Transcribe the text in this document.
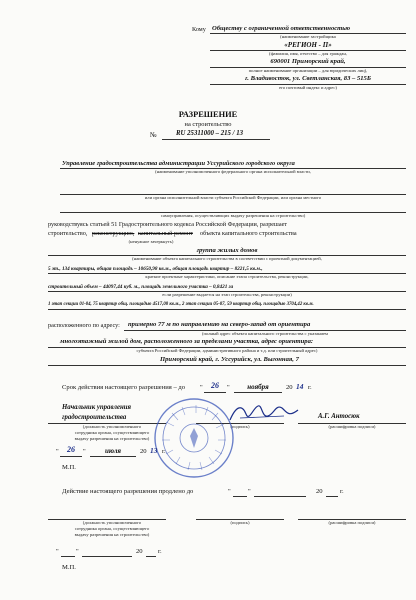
Кому Обществу с ограниченной ответственностью
(наименование застройщика
«РЕГИОН - П»
(фамилия, имя, отчество – для граждан,
690001 Приморский край,
полное наименование организации – для юридических лиц),
г. Владивосток, ул. Светланская, 83 – 515Б
его почтовый индекс и адрес)
РАЗРЕШЕНИЕ
на строительство
№	RU 25311000 – 215 / 13
Управление градостроительства администрации Уссурийского городского округа
(наименование уполномоченного федерального органа исполнительной власти,
или органа исполнительной власти субъекта Российской Федерации, или органа местного
самоуправления, осуществляющих выдачу разрешения на строительство)
руководствуясь статьей 51 Градостроительного кодекса Российской Федерации, разрешает
строительство, реконструкцию, капитальный ремонт объекта капитального строительства
(ненужное зачеркнуть)
группа жилых домов
(наименование объекта капитального строительства в соответствии с проектной документацией,
5 эт., 134 квартиры, общая площадь – 10650,98 кв.м., общая площадь квартир – 8221,5 кв.м.,
краткие проектные характеристики, описание этапа строительства, реконструкции,
строительный объем – 44097,44 куб. м., площадь земельного участка – 0,8421 га
если разрешение выдается на этап строительства, реконструкции)
1 этап секции 01-04, 75 квартир общ. площадью 4517,08 кв.м., 2 этап секции 05-07, 59 квартир общ. площадью 3704,42 кв.м.
расположенного по адресу: примерно 77 м по направлению на северо-запад от ориентира
(полный адрес объекта капитального строительства с указанием
многоэтажный жилой дом, расположенного за пределами участка, адрес ориентира:
субъекта Российской Федерации, административного района и т.д. или строительный адрес)
Приморский край, г. Уссурийск, ул. Выгонная, 7
Срок действия настоящего разрешения – до "	26	"	ноября	20 14 г.
Начальник управления
градостроительства	А.Г. Антосюк
(должность уполномоченного
сотрудника органа, осуществляющего
выдачу разрешения на строительство)
(подпись)	(расшифровка подписи)
"	26	"	июля	20 13 г.
М.П.
Действие настоящего разрешения продлено до	"	"	20	г.
(должность уполномоченного
сотрудника органа, осуществляющего
выдачу разрешения на строительство)
(подпись)	(расшифровка подписи)
"	"	20 г.
М.П.
